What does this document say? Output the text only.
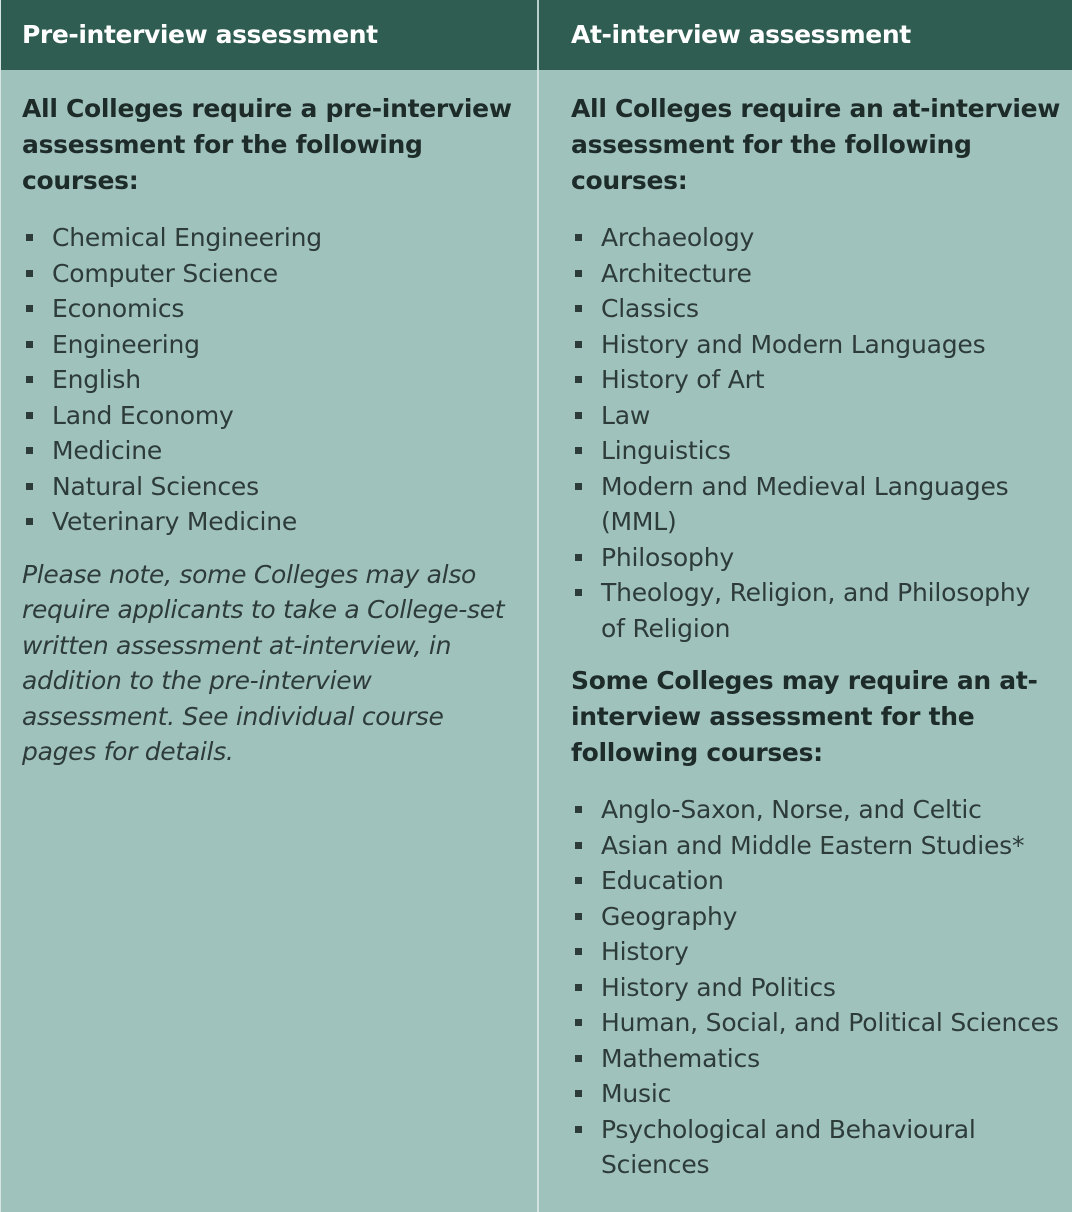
Pre-interview assessment	At-interview assessment
All Colleges require a pre-interview assessment for the following courses:
Chemical Engineering
Computer Science
Economics
Engineering
English
Land Economy
Medicine
Natural Sciences
Veterinary Medicine

Please note, some Colleges may also require applicants to take a College-set written assessment at-interview, in addition to the pre-interview assessment. See individual course pages for details.

All Colleges require an at-interview assessment for the following courses:
Archaeology
Architecture
Classics
History and Modern Languages
History of Art
Law
Linguistics
Modern and Medieval Languages (MML)
Philosophy
Theology, Religion, and Philosophy of Religion
Some Colleges may require an at-interview assessment for the following courses:
Anglo-Saxon, Norse, and Celtic
Asian and Middle Eastern Studies*
Education
Geography
History
History and Politics
Human, Social, and Political Sciences
Mathematics
Music
Psychological and Behavioural Sciences
